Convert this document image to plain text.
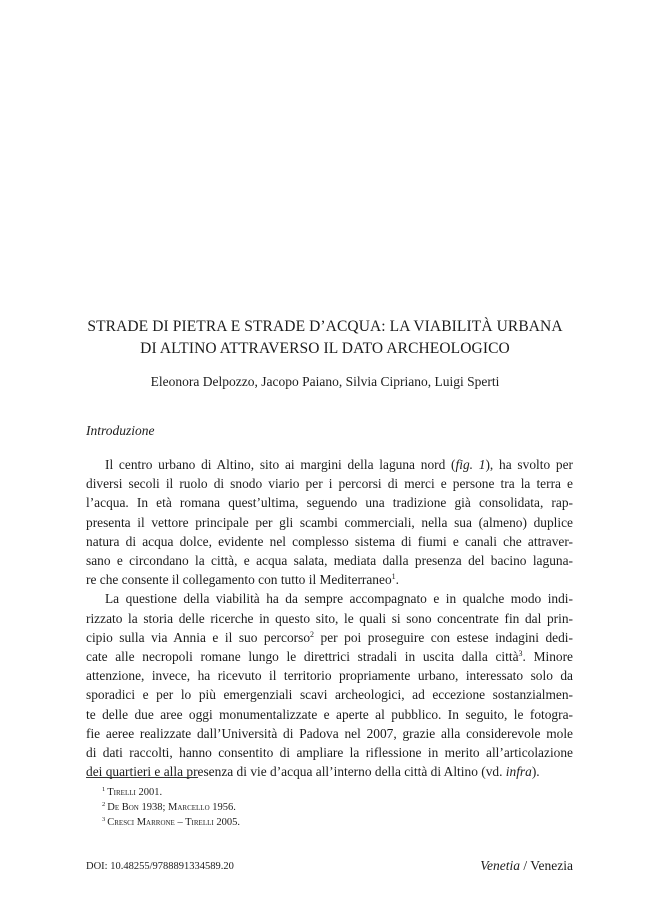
STRADE DI PIETRA E STRADE D’ACQUA: LA VIABILITÀ URBANA
DI ALTINO ATTRAVERSO IL DATO ARCHEOLOGICO
Eleonora Delpozzo, Jacopo Paiano, Silvia Cipriano, Luigi Sperti
Introduzione
Il centro urbano di Altino, sito ai margini della laguna nord (fig. 1), ha svolto per
diversi secoli il ruolo di snodo viario per i percorsi di merci e persone tra la terra e
l’acqua. In età romana quest’ultima, seguendo una tradizione già consolidata, rap-
presenta il vettore principale per gli scambi commerciali, nella sua (almeno) duplice
natura di acqua dolce, evidente nel complesso sistema di fiumi e canali che attraver-
sano e circondano la città, e acqua salata, mediata dalla presenza del bacino laguna-
re che consente il collegamento con tutto il Mediterraneo$^1$.
La questione della viabilità ha da sempre accompagnato e in qualche modo indi-
rizzato la storia delle ricerche in questo sito, le quali si sono concentrate fin dal prin-
cipio sulla via Annia e il suo percorso$^2$ per poi proseguire con estese indagini dedi-
cate alle necropoli romane lungo le direttrici stradali in uscita dalla città$^3$. Minore
attenzione, invece, ha ricevuto il territorio propriamente urbano, interessato solo da
sporadici e per lo più emergenziali scavi archeologici, ad eccezione sostanzialmen-
te delle due aree oggi monumentalizzate e aperte al pubblico. In seguito, le fotogra-
fie aeree realizzate dall’Università di Padova nel 2007, grazie alla considerevole mole
di dati raccolti, hanno consentito di ampliare la riflessione in merito all’articolazione
dei quartieri e alla presenza di vie d’acqua all’interno della città di Altino (vd. infra).
$^1$ Tirelli 2001.
$^2$ De Bon 1938; Marcello 1956.
$^3$ Cresci Marrone – Tirelli 2005.
DOI: 10.48255/9788891334589.20	Venetia / Venezia
